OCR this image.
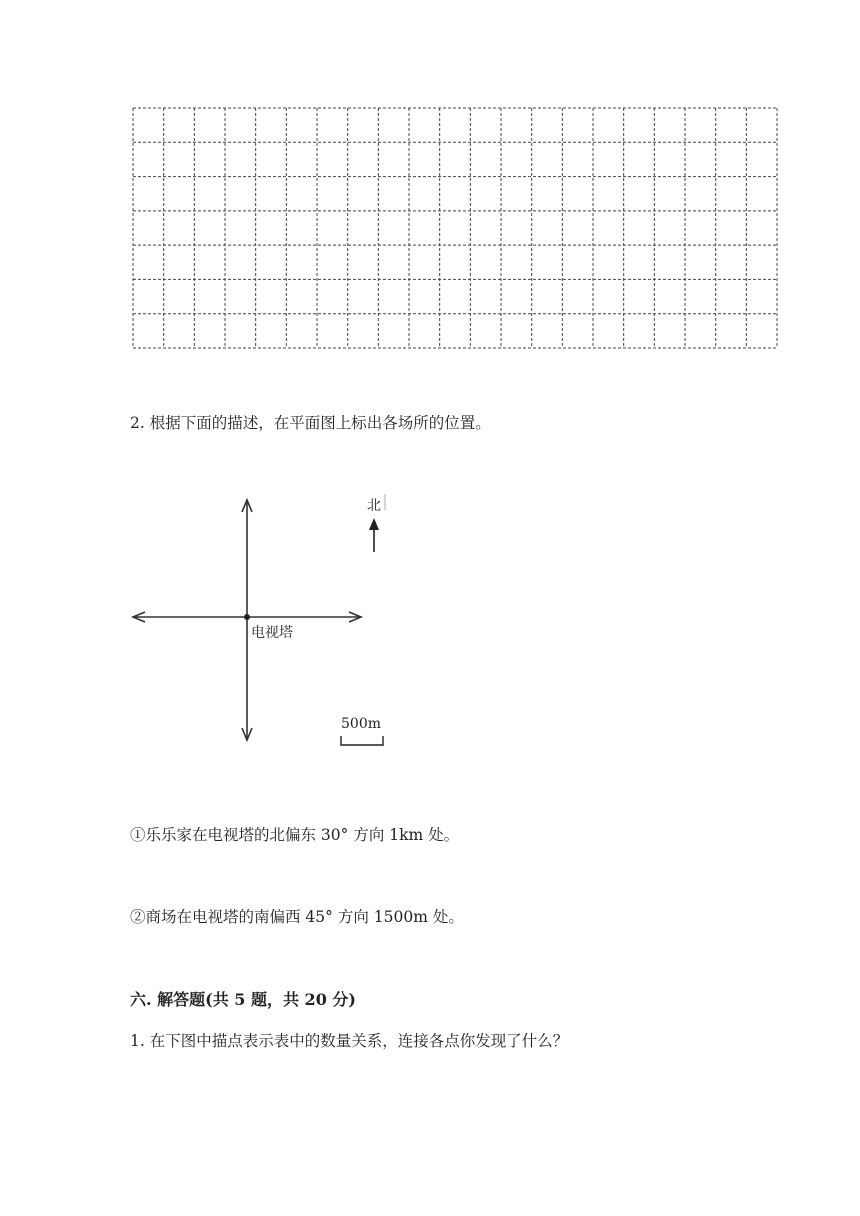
2. 根据下面的描述，在平面图上标出各场所的位置。
电视塔
北
500m
①乐乐家在电视塔的北偏东 30° 方向 1km 处。
②商场在电视塔的南偏西 45° 方向 1500m 处。
六. 解答题(共 5 题，共 20 分)
1. 在下图中描点表示表中的数量关系，连接各点你发现了什么？
